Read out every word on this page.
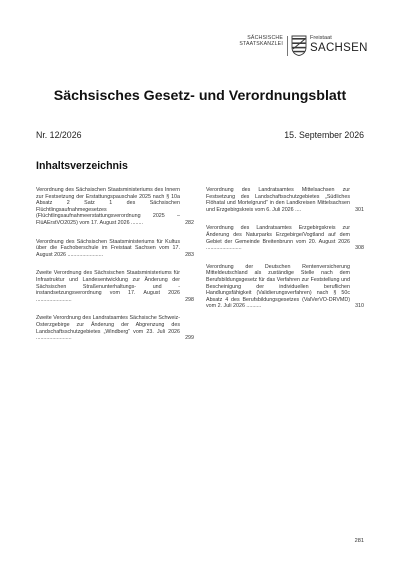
SÄCHSISCHE
STAATSKANZLEI
Freistaat
SACHSEN
Sächsisches Gesetz- und Verordnungsblatt
Nr. 12/2026	15. September 2026
Inhaltsverzeichnis
Verordnung des Sächsischen Staatsministeriums des Innern zur Festsetzung der Erstattungspauschale 2025 nach § 10a Absatz 2 Satz 1 des Sächsischen Flüchtlingsaufnahmegesetzes (Flüchtlingsaufnahmeerstattungsverordnung 2025 – FlüAErstVO2025) vom 17. August 2026 ........	282
Verordnung des Sächsischen Staatsministeriums für Kultus über die Fachoberschule im Freistaat Sachsen vom 17. August 2026 ........................	283
Zweite Verordnung des Sächsischen Staatsministeriums für Infrastruktur und Landesentwicklung zur Änderung der Sächsischen Straßenunterhaltungs- und -instandsetzungsverordnung vom 17. August 2026 ........................	298
Zweite Verordnung des Landratsamtes Sächsische Schweiz-Osterzgebirge zur Änderung der Abgrenzung des Landschaftsschutzgebietes „Windberg“ vom 23. Juli 2026 ........................	299
Verordnung des Landratsamtes Mittelsachsen zur Festsetzung des Landschaftsschutzgebietes „Südliches Flöhatal und Mortelgrund“ in den Landkreisen Mittelsachsen und Erzgebirgskreis vom 6. Juli 2026 ....	301
Verordnung des Landratsamtes Erzgebirgskreis zur Änderung des Naturparks Erzgebirge/Vogtland auf dem Gebiet der Gemeinde Breitenbrunn vom 20. August 2026 ........................	308
Verordnung der Deutschen Rentenversicherung Mitteldeutschland als zuständige Stelle nach dem Berufsbildungsgesetz für das Verfahren zur Feststellung und Bescheinigung der individuellen beruflichen Handlungsfähigkeit (Validierungsverfahren) nach § 50c Absatz 4 des Berufsbildungsgesetzes (ValVerVO-DRVMD) vom 2. Juli 2026 ..........	310
281
